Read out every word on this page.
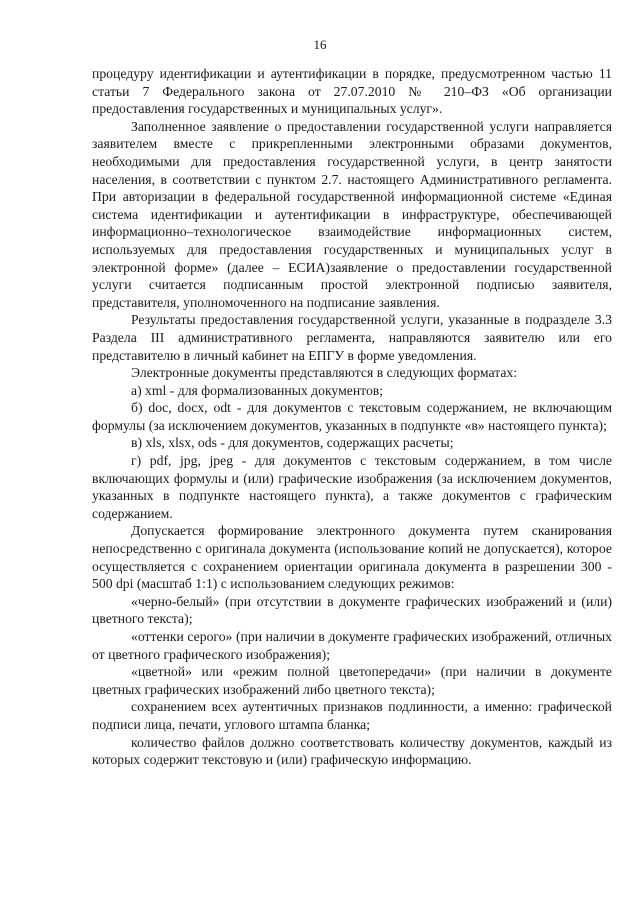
16

процедуру идентификации и аутентификации в порядке, предусмотренном частью 11 статьи 7 Федерального закона от 27.07.2010 № 210–ФЗ «Об организации предоставления государственных и муниципальных услуг».

Заполненное заявление о предоставлении государственной услуги направляется заявителем вместе с прикрепленными электронными образами документов, необходимыми для предоставления государственной услуги, в центр занятости населения, в соответствии с пунктом 2.7. настоящего Административного регламента. При авторизации в федеральной государственной информационной системе «Единая система идентификации и аутентификации в инфраструктуре, обеспечивающей информационно–технологическое взаимодействие информационных систем, используемых для предоставления государственных и муниципальных услуг в электронной форме» (далее – ЕСИА)заявление о предоставлении государственной услуги считается подписанным простой электронной подписью заявителя, представителя, уполномоченного на подписание заявления.

Результаты предоставления государственной услуги, указанные в подразделе 3.3 Раздела III административного регламента, направляются заявителю или его представителю в личный кабинет на ЕПГУ в форме уведомления.

Электронные документы представляются в следующих форматах:

а) xml - для формализованных документов;

б) doc, docx, odt - для документов с текстовым содержанием, не включающим формулы (за исключением документов, указанных в подпункте «в» настоящего пункта);

в) xls, xlsx, ods - для документов, содержащих расчеты;

г) pdf, jpg, jpeg - для документов с текстовым содержанием, в том числе включающих формулы и (или) графические изображения (за исключением документов, указанных в подпункте настоящего пункта), а также документов с графическим содержанием.

Допускается формирование электронного документа путем сканирования непосредственно с оригинала документа (использование копий не допускается), которое осуществляется с сохранением ориентации оригинала документа в разрешении 300 - 500 dpi (масштаб 1:1) с использованием следующих режимов:

«черно-белый» (при отсутствии в документе графических изображений и (или) цветного текста);

«оттенки серого» (при наличии в документе графических изображений, отличных от цветного графического изображения);

«цветной» или «режим полной цветопередачи» (при наличии в документе цветных графических изображений либо цветного текста);

сохранением всех аутентичных признаков подлинности, а именно: графической подписи лица, печати, углового штампа бланка;

количество файлов должно соответствовать количеству документов, каждый из которых содержит текстовую и (или) графическую информацию.
